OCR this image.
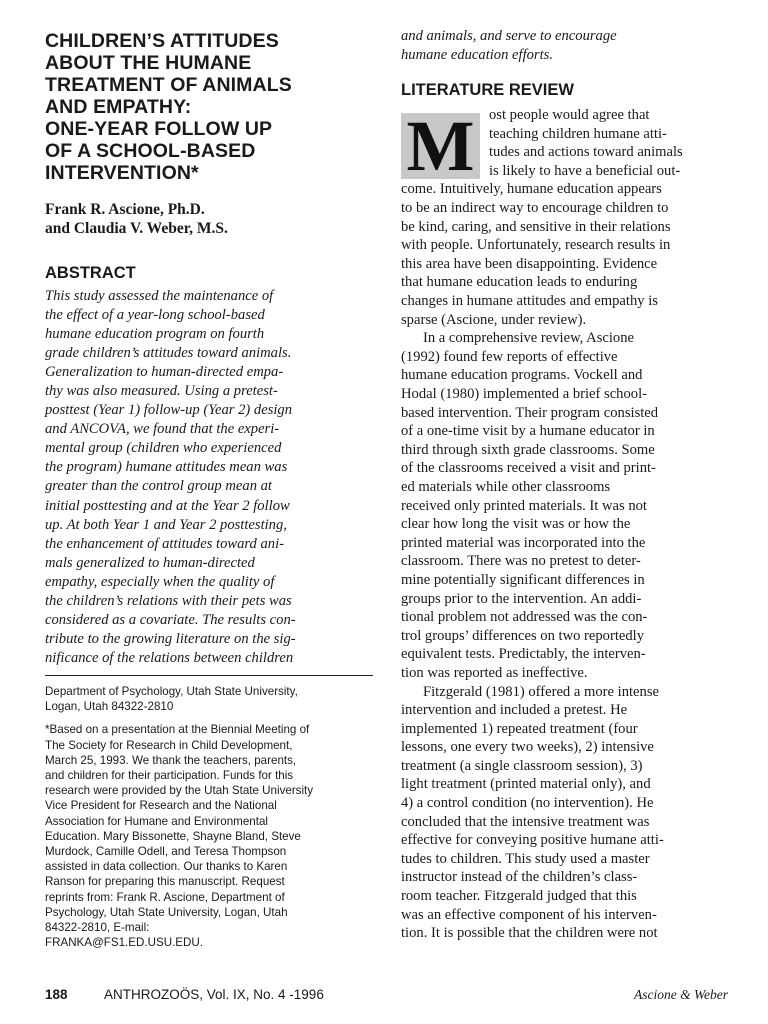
CHILDREN’S ATTITUDES
ABOUT THE HUMANE
TREATMENT OF ANIMALS
AND EMPATHY:
ONE-YEAR FOLLOW UP
OF A SCHOOL-BASED
INTERVENTION*
Frank R. Ascione, Ph.D.
and Claudia V. Weber, M.S.
ABSTRACT
This study assessed the maintenance of
the effect of a year-long school-based
humane education program on fourth
grade children’s attitudes toward animals.
Generalization to human-directed empa-
thy was also measured. Using a pretest-
posttest (Year 1) follow-up (Year 2) design
and ANCOVA, we found that the experi-
mental group (children who experienced
the program) humane attitudes mean was
greater than the control group mean at
initial posttesting and at the Year 2 follow
up. At both Year 1 and Year 2 posttesting,
the enhancement of attitudes toward ani-
mals generalized to human-directed
empathy, especially when the quality of
the children’s relations with their pets was
considered as a covariate. The results con-
tribute to the growing literature on the sig-
nificance of the relations between children
Department of Psychology, Utah State University,
Logan, Utah 84322-2810
*Based on a presentation at the Biennial Meeting of
The Society for Research in Child Development,
March 25, 1993. We thank the teachers, parents,
and children for their participation. Funds for this
research were provided by the Utah State University
Vice President for Research and the National
Association for Humane and Environmental
Education. Mary Bissonette, Shayne Bland, Steve
Murdock, Camille Odell, and Teresa Thompson
assisted in data collection. Our thanks to Karen
Ranson for preparing this manuscript. Request
reprints from: Frank R. Ascione, Department of
Psychology, Utah State University, Logan, Utah
84322-2810, E-mail:
FRANKA@FS1.ED.USU.EDU.
and animals, and serve to encourage
humane education efforts.
LITERATURE REVIEW
M ost people would agree that
teaching children humane atti-
tudes and actions toward animals
is likely to have a beneficial out-
come. Intuitively, humane education appears
to be an indirect way to encourage children to
be kind, caring, and sensitive in their relations
with people. Unfortunately, research results in
this area have been disappointing. Evidence
that humane education leads to enduring
changes in humane attitudes and empathy is
sparse (Ascione, under review).
In a comprehensive review, Ascione
(1992) found few reports of effective
humane education programs. Vockell and
Hodal (1980) implemented a brief school-
based intervention. Their program consisted
of a one-time visit by a humane educator in
third through sixth grade classrooms. Some
of the classrooms received a visit and print-
ed materials while other classrooms
received only printed materials. It was not
clear how long the visit was or how the
printed material was incorporated into the
classroom. There was no pretest to deter-
mine potentially significant differences in
groups prior to the intervention. An addi-
tional problem not addressed was the con-
trol groups’ differences on two reportedly
equivalent tests. Predictably, the interven-
tion was reported as ineffective.
Fitzgerald (1981) offered a more intense
intervention and included a pretest. He
implemented 1) repeated treatment (four
lessons, one every two weeks), 2) intensive
treatment (a single classroom session), 3)
light treatment (printed material only), and
4) a control condition (no intervention). He
concluded that the intensive treatment was
effective for conveying positive humane atti-
tudes to children. This study used a master
instructor instead of the children’s class-
room teacher. Fitzgerald judged that this
was an effective component of his interven-
tion. It is possible that the children were not
188	ANTHROZOÖS, Vol. IX, No. 4 -1996	Ascione & Weber
